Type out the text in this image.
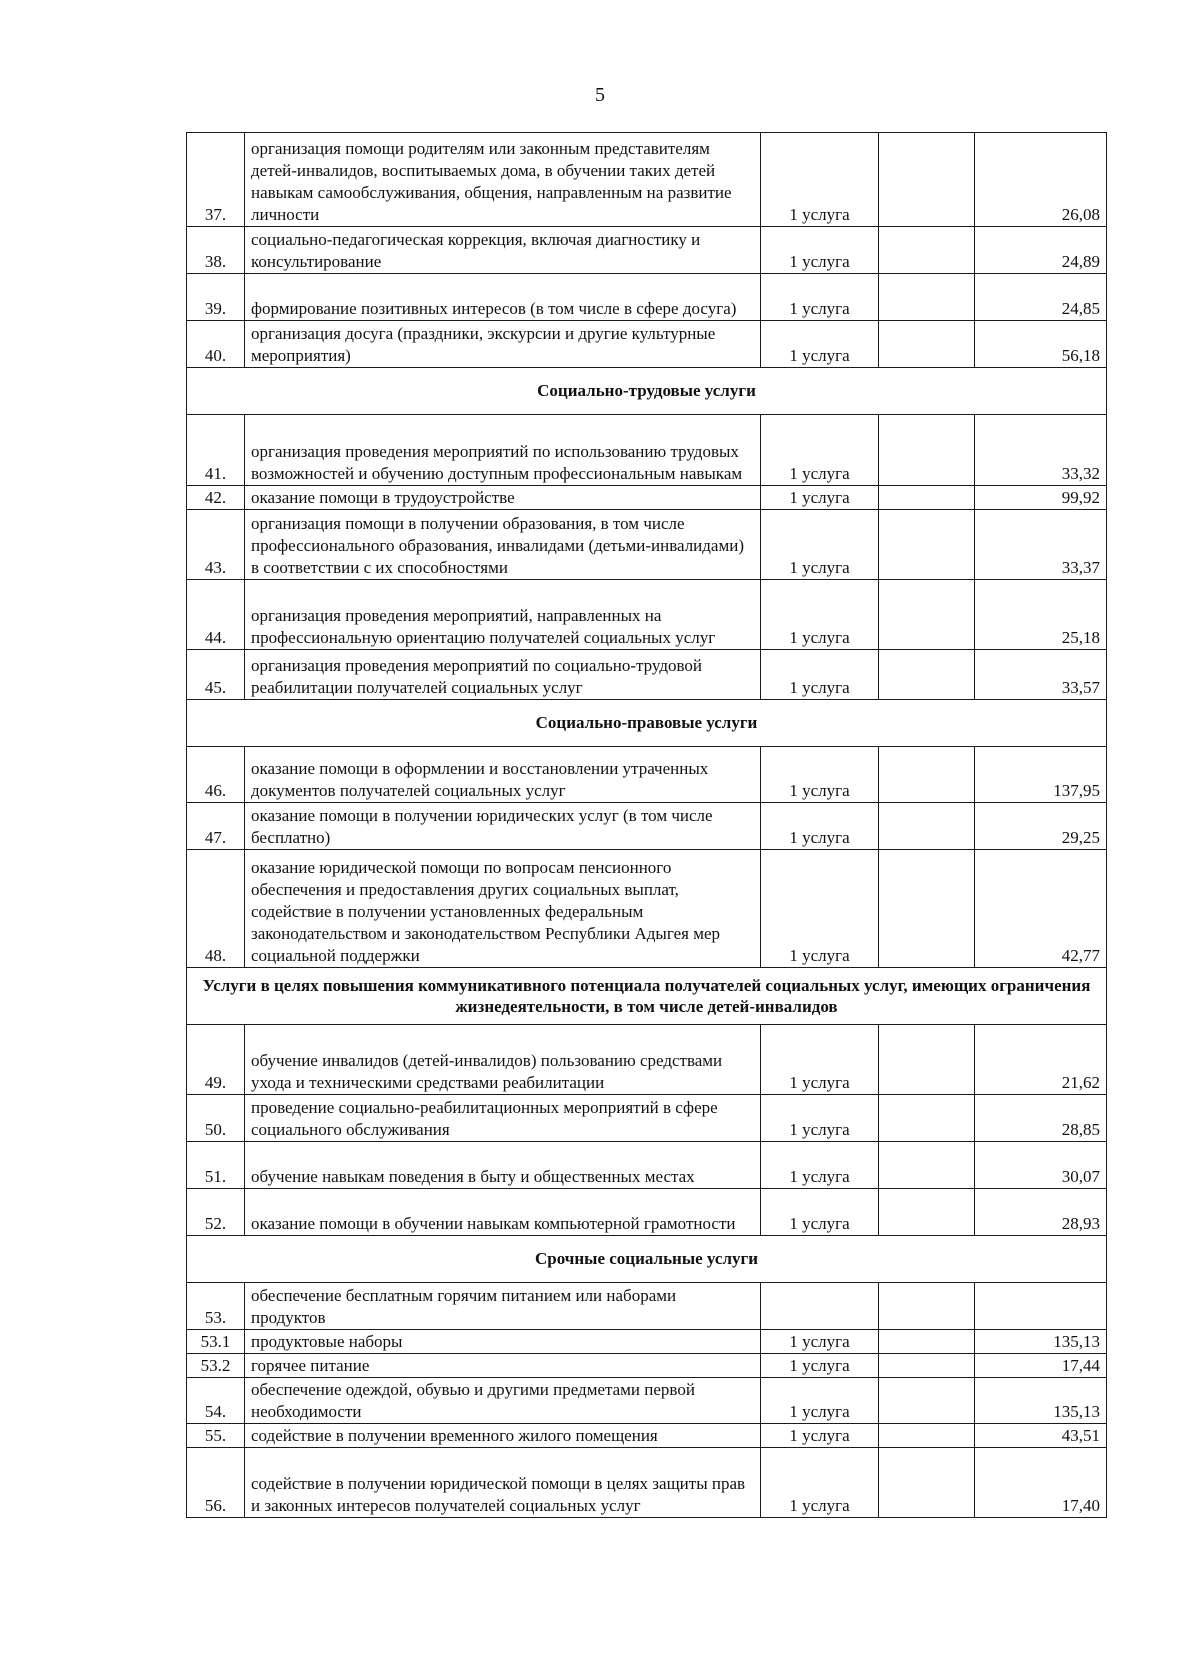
5
37.	организация помощи родителям или законным представителям детей-инвалидов, воспитываемых дома, в обучении таких детей навыкам самообслуживания, общения, направленным на развитие личности	1 услуга		26,08
38.	социально-педагогическая коррекция, включая диагностику и консультирование	1 услуга		24,89
39.	формирование позитивных интересов (в том числе в сфере досуга)	1 услуга		24,85
40.	организация досуга (праздники, экскурсии и другие культурные мероприятия)	1 услуга		56,18
Социально-трудовые услуги				
41.	организация проведения мероприятий по использованию трудовых возможностей и обучению доступным профессиональным навыкам	1 услуга		33,32
42.	оказание помощи в трудоустройстве	1 услуга		99,92
43.	организация помощи в получении образования, в том числе профессионального образования, инвалидами (детьми-инвалидами) в соответствии с их способностями	1 услуга		33,37
44.	организация проведения мероприятий, направленных на профессиональную ориентацию получателей социальных услуг	1 услуга		25,18
45.	организация проведения мероприятий по социально-трудовой реабилитации получателей социальных услуг	1 услуга		33,57
Социально-правовые услуги				
46.	оказание помощи в оформлении и восстановлении утраченных документов получателей социальных услуг	1 услуга		137,95
47.	оказание помощи в получении юридических услуг (в том числе бесплатно)	1 услуга		29,25
48.	оказание юридической помощи по вопросам пенсионного обеспечения и предоставления других социальных выплат, содействие в получении установленных федеральным законодательством и законодательством Республики Адыгея мер социальной поддержки	1 услуга		42,77
Услуги в целях повышения коммуникативного потенциала получателей социальных услуг, имеющих ограничения жизнедеятельности, в том числе детей-инвалидов				
49.	обучение инвалидов (детей-инвалидов) пользованию средствами ухода и техническими средствами реабилитации	1 услуга		21,62
50.	проведение социально-реабилитационных мероприятий в сфере социального обслуживания	1 услуга		28,85
51.	обучение навыкам поведения в быту и общественных местах	1 услуга		30,07
52.	оказание помощи в обучении навыкам компьютерной грамотности	1 услуга		28,93
Срочные социальные услуги				
53.	обеспечение бесплатным горячим питанием или наборами продуктов			
53.1	продуктовые наборы	1 услуга		135,13
53.2	горячее питание	1 услуга		17,44
54.	обеспечение одеждой, обувью и другими предметами первой необходимости	1 услуга		135,13
55.	содействие в получении временного жилого помещения	1 услуга		43,51
56.	содействие в получении юридической помощи в целях защиты прав и законных интересов получателей социальных услуг	1 услуга		17,40
